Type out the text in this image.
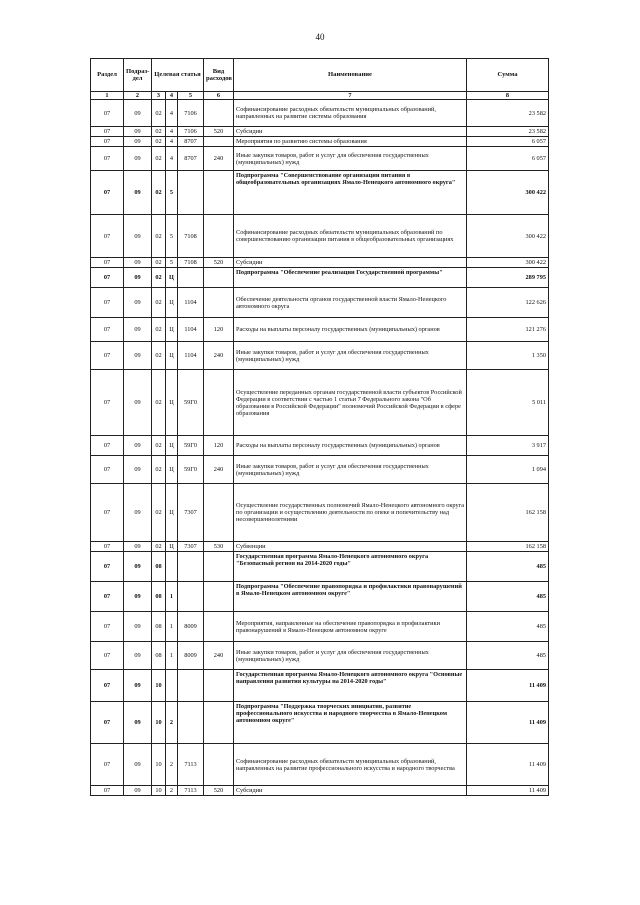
40
Раздел	Подраз-дел	Целевая статья			Вид расходов	Наименование	Сумма
1	2	3	4	5	6	7	8
07	09	02	4	7106		Софинансирование расходных обязательств муниципальных образований, направленных на развитие системы образования	23 582
07	09	02	4	7106	520	Субсидии	23 582
07	09	02	4	8707		Мероприятия по развитию системы образования	6 057
07	09	02	4	8707	240	Иные закупки товаров, работ и услуг для обеспечения государственных (муниципальных) нужд	6 057
07	09	02	5			Подпрограмма "Совершенствование организации питания в общеобразовательных организациях Ямало-Ненецкого автономного округа"	300 422
07	09	02	5	7108		Софинансирование расходных обязательств муниципальных образований по совершенствованию организации питания в общеобразовательных организациях	300 422
07	09	02	5	7108	520	Субсидии	300 422
07	09	02	Ц			Подпрограмма "Обеспечение реализации Государственной программы"	289 795
07	09	02	Ц	1104		Обеспечение деятельности органов государственной власти Ямало-Ненецкого автономного округа	122 626
07	09	02	Ц	1104	120	Расходы на выплаты персоналу государственных (муниципальных) органов	121 276
07	09	02	Ц	1104	240	Иные закупки товаров, работ и услуг для обеспечения государственных (муниципальных) нужд	1 350
07	09	02	Ц	59Г0		Осуществление переданных органам государственной власти субъектов Российской Федерации в соответствии с частью 1 статьи 7 Федерального закона "Об образовании в Российской Федерации" полномочий Российской Федерации в сфере образования	5 011
07	09	02	Ц	59Г0	120	Расходы на выплаты персоналу государственных (муниципальных) органов	3 917
07	09	02	Ц	59Г0	240	Иные закупки товаров, работ и услуг для обеспечения государственных (муниципальных) нужд	1 094
07	09	02	Ц	7307		Осуществление государственных полномочий Ямало-Ненецкого автономного округа по организации и осуществлению деятельности по опеке и попечительству над несовершеннолетними	162 158
07	09	02	Ц	7307	530	Субвенции	162 158
07	09	08				Государственная программа Ямало-Ненецкого автономного округа "Безопасный регион на 2014-2020 годы"	485
07	09	08	1			Подпрограмма "Обеспечение правопорядка и профилактики правонарушений в Ямало-Ненецком автономном округе"	485
07	09	08	1	8009		Мероприятия, направленные на обеспечение правопорядка и профилактики правонарушений в Ямало-Ненецком автономном округе	485
07	09	08	1	8009	240	Иные закупки товаров, работ и услуг для обеспечения государственных (муниципальных) нужд	485
07	09	10				Государственная программа Ямало-Ненецкого автономного округа "Основные направления развития культуры на 2014-2020 годы"	11 409
07	09	10	2			Подпрограмма "Поддержка творческих инициатив, развитие профессионального искусства и народного творчества в Ямало-Ненецком автономном округе"	11 409
07	09	10	2	7113		Софинансирование расходных обязательств муниципальных образований, направленных на развитие профессионального искусства и народного творчества	11 409
07	09	10	2	7113	520	Субсидии	11 409
